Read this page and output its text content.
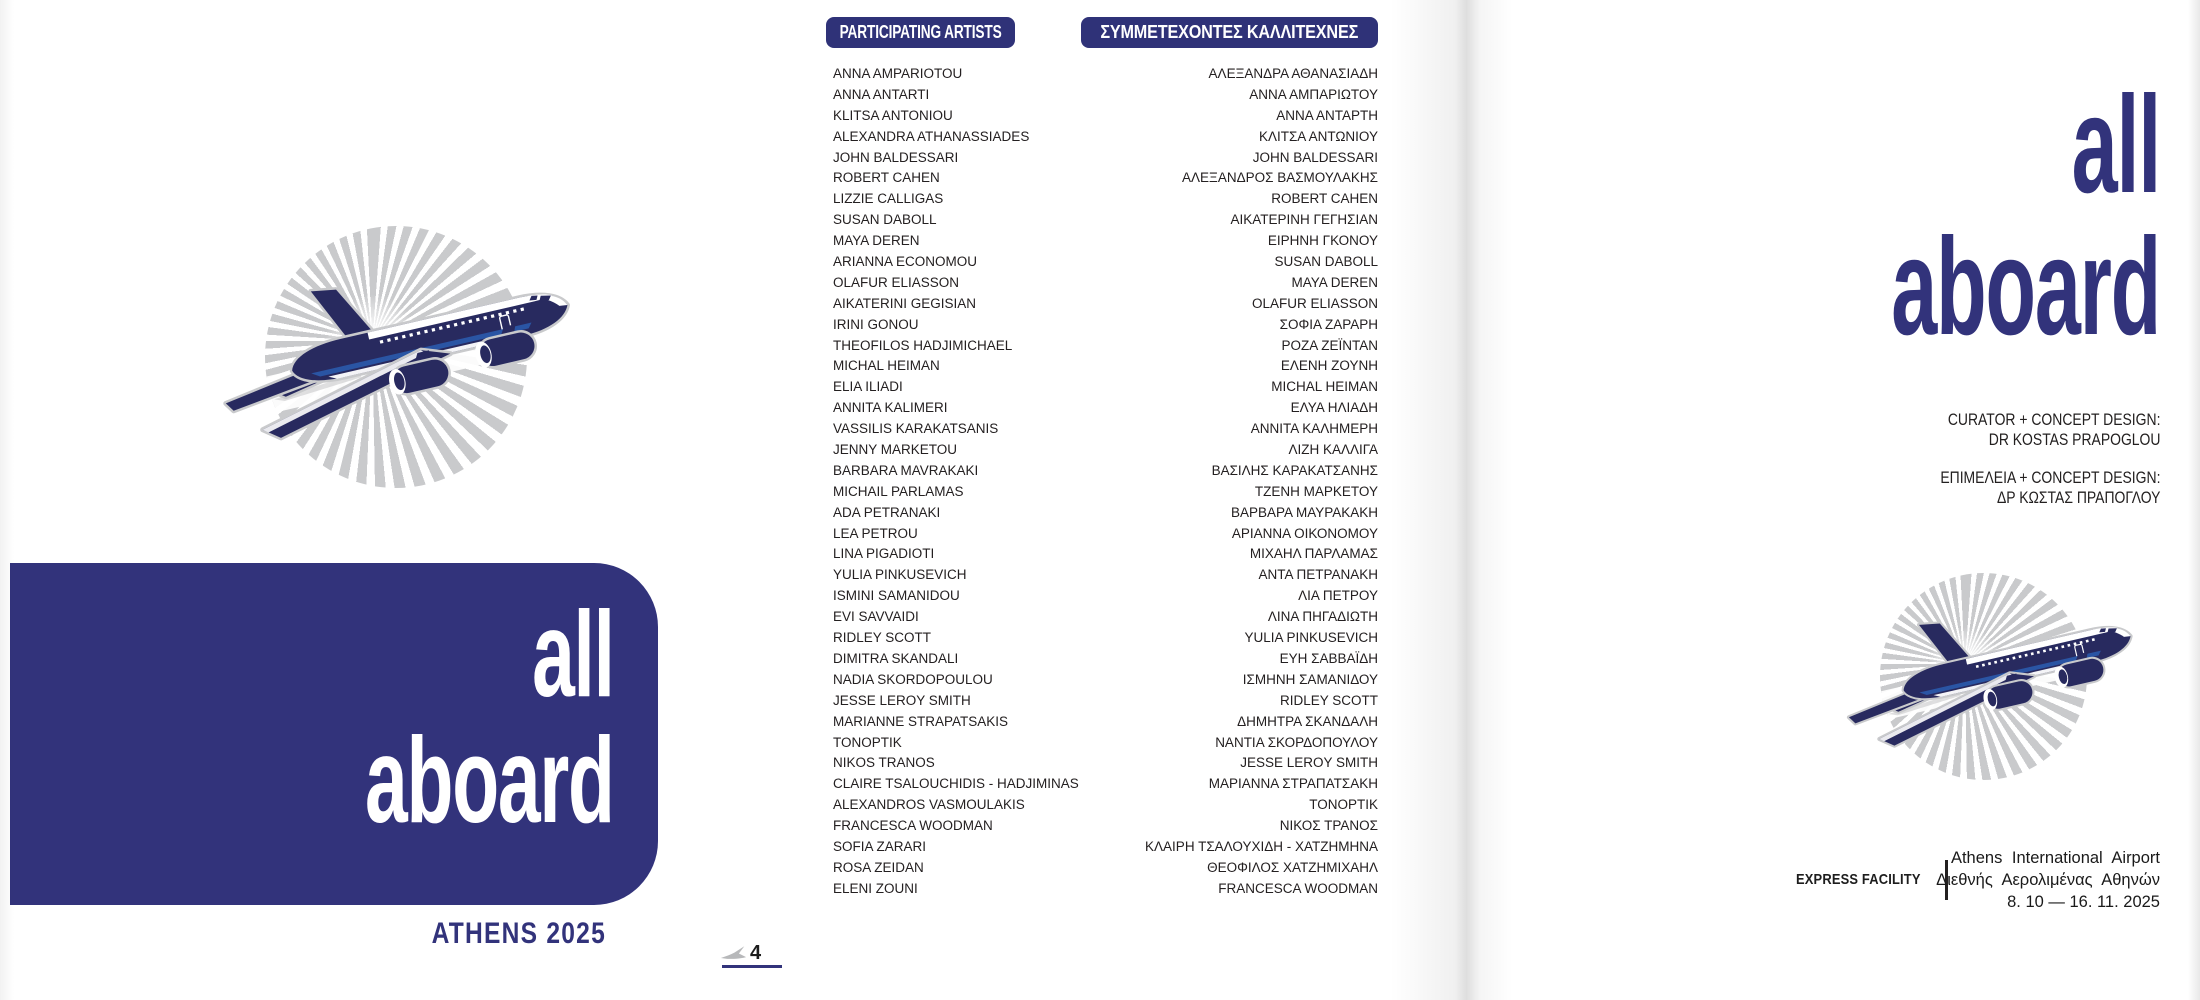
all
aboard
ATHENS 2025
4
PARTICIPATING ARTISTS	ΣΥΜΜΕΤΕΧΟΝΤΕΣ ΚΑΛΛΙΤΕΧΝΕΣ
ANNA AMPARIOTOU
ANNA ANTARTI
KLITSA ANTONIOU
ALEXANDRA ATHANASSIADES
JOHN BALDESSARI
ROBERT CAHEN
LIZZIE CALLIGAS
SUSAN DABOLL
MAYA DEREN
ARIANNA ECONOMOU
OLAFUR ELIASSON
AIKATERINI GEGISIAN
IRINI GONOU
THEOFILOS HADJIMICHAEL
MICHAL HEIMAN
ELIA ILIADI
ANNITA KALIMERI
VASSILIS KARAKATSANIS
JENNY MARKETOU
BARBARA MAVRAKAKI
MICHAIL PARLAMAS
ADA PETRANAKI
LEA PETROU
LINA PIGADIOTI
YULIA PINKUSEVICH
ISMINI SAMANIDOU
EVI SAVVAIDI
RIDLEY SCOTT
DIMITRA SKANDALI
NADIA SKORDOPOULOU
JESSE LEROY SMITH
MARIANNE STRAPATSAKIS
TONOPTIK
NIKOS TRANOS
CLAIRE TSALOUCHIDIS - HADJIMINAS
ALEXANDROS VASMOULAKIS
FRANCESCA WOODMAN
SOFIA ZARARI
ROSA ZEIDAN
ELENI ZOUNI
ΑΛΕΞΑΝΔΡΑ ΑΘΑΝΑΣΙΑΔΗ
ΑΝΝΑ ΑΜΠΑΡΙΩΤΟΥ
ΑΝΝΑ ΑΝΤΑΡΤΗ
ΚΛΙΤΣΑ ΑΝΤΩΝΙΟΥ
JOHN BALDESSARI
ΑΛΕΞΑΝΔΡΟΣ ΒΑΣΜΟΥΛΑΚΗΣ
ROBERT CAHEN
ΑΙΚΑΤΕΡΙΝΗ ΓΕΓΗΣΙΑΝ
ΕΙΡΗΝΗ ΓΚΟΝΟΥ
SUSAN DABOLL
MAYA DEREN
OLAFUR ELIASSON
ΣΟΦΙΑ ΖΑΡΑΡΗ
ΡΟΖΑ ΖΕΪΝΤΑΝ
ΕΛΕΝΗ ΖΟΥΝΗ
MICHAL HEIMAN
ΕΛΥΑ ΗΛΙΑΔΗ
ΑΝΝΙΤΑ ΚΑΛΗΜΕΡΗ
ΛΙΖΗ ΚΑΛΛΙΓΑ
ΒΑΣΙΛΗΣ ΚΑΡΑΚΑΤΣΑΝΗΣ
ΤΖΕΝΗ ΜΑΡΚΕΤΟΥ
ΒΑΡΒΑΡΑ ΜΑΥΡΑΚΑΚΗ
ΑΡΙΑΝΝΑ ΟΙΚΟΝΟΜΟΥ
ΜΙΧΑΗΛ ΠΑΡΛΑΜΑΣ
ΑΝΤΑ ΠΕΤΡΑΝΑΚΗ
ΛΙΑ ΠΕΤΡΟΥ
ΛΙΝΑ ΠΗΓΑΔΙΩΤΗ
YULIA PINKUSEVICH
ΕΥΗ ΣΑΒΒΑΪΔΗ
ΙΣΜΗΝΗ ΣΑΜΑΝΙΔΟΥ
RIDLEY SCOTT
ΔΗΜΗΤΡΑ ΣΚΑΝΔΑΛΗ
ΝΑΝΤΙΑ ΣΚΟΡΔΟΠΟΥΛΟΥ
JESSE LEROY SMITH
ΜΑΡΙΑΝΝΑ ΣΤΡΑΠΑΤΣΑΚΗ
TONOPTIK
ΝΙΚΟΣ ΤΡΑΝΟΣ
ΚΛΑΙΡΗ ΤΣΑΛΟΥΧΙΔΗ - ΧΑΤΖΗΜΗΝΑ
ΘΕΟΦΙΛΟΣ ΧΑΤΖΗΜΙΧΑΗΛ
FRANCESCA WOODMAN
all
aboard
CURATOR + CONCEPT DESIGN:
DR KOSTAS PRAPOGLOU
ΕΠΙΜΕΛΕΙΑ + CONCEPT DESIGN:
ΔΡ ΚΩΣΤΑΣ ΠΡΑΠΟΓΛΟΥ
EXPRESS FACILITY
Athens International Airport
Διεθνής Αερολιμένας Αθηνών
8. 10 — 16. 11. 2025
